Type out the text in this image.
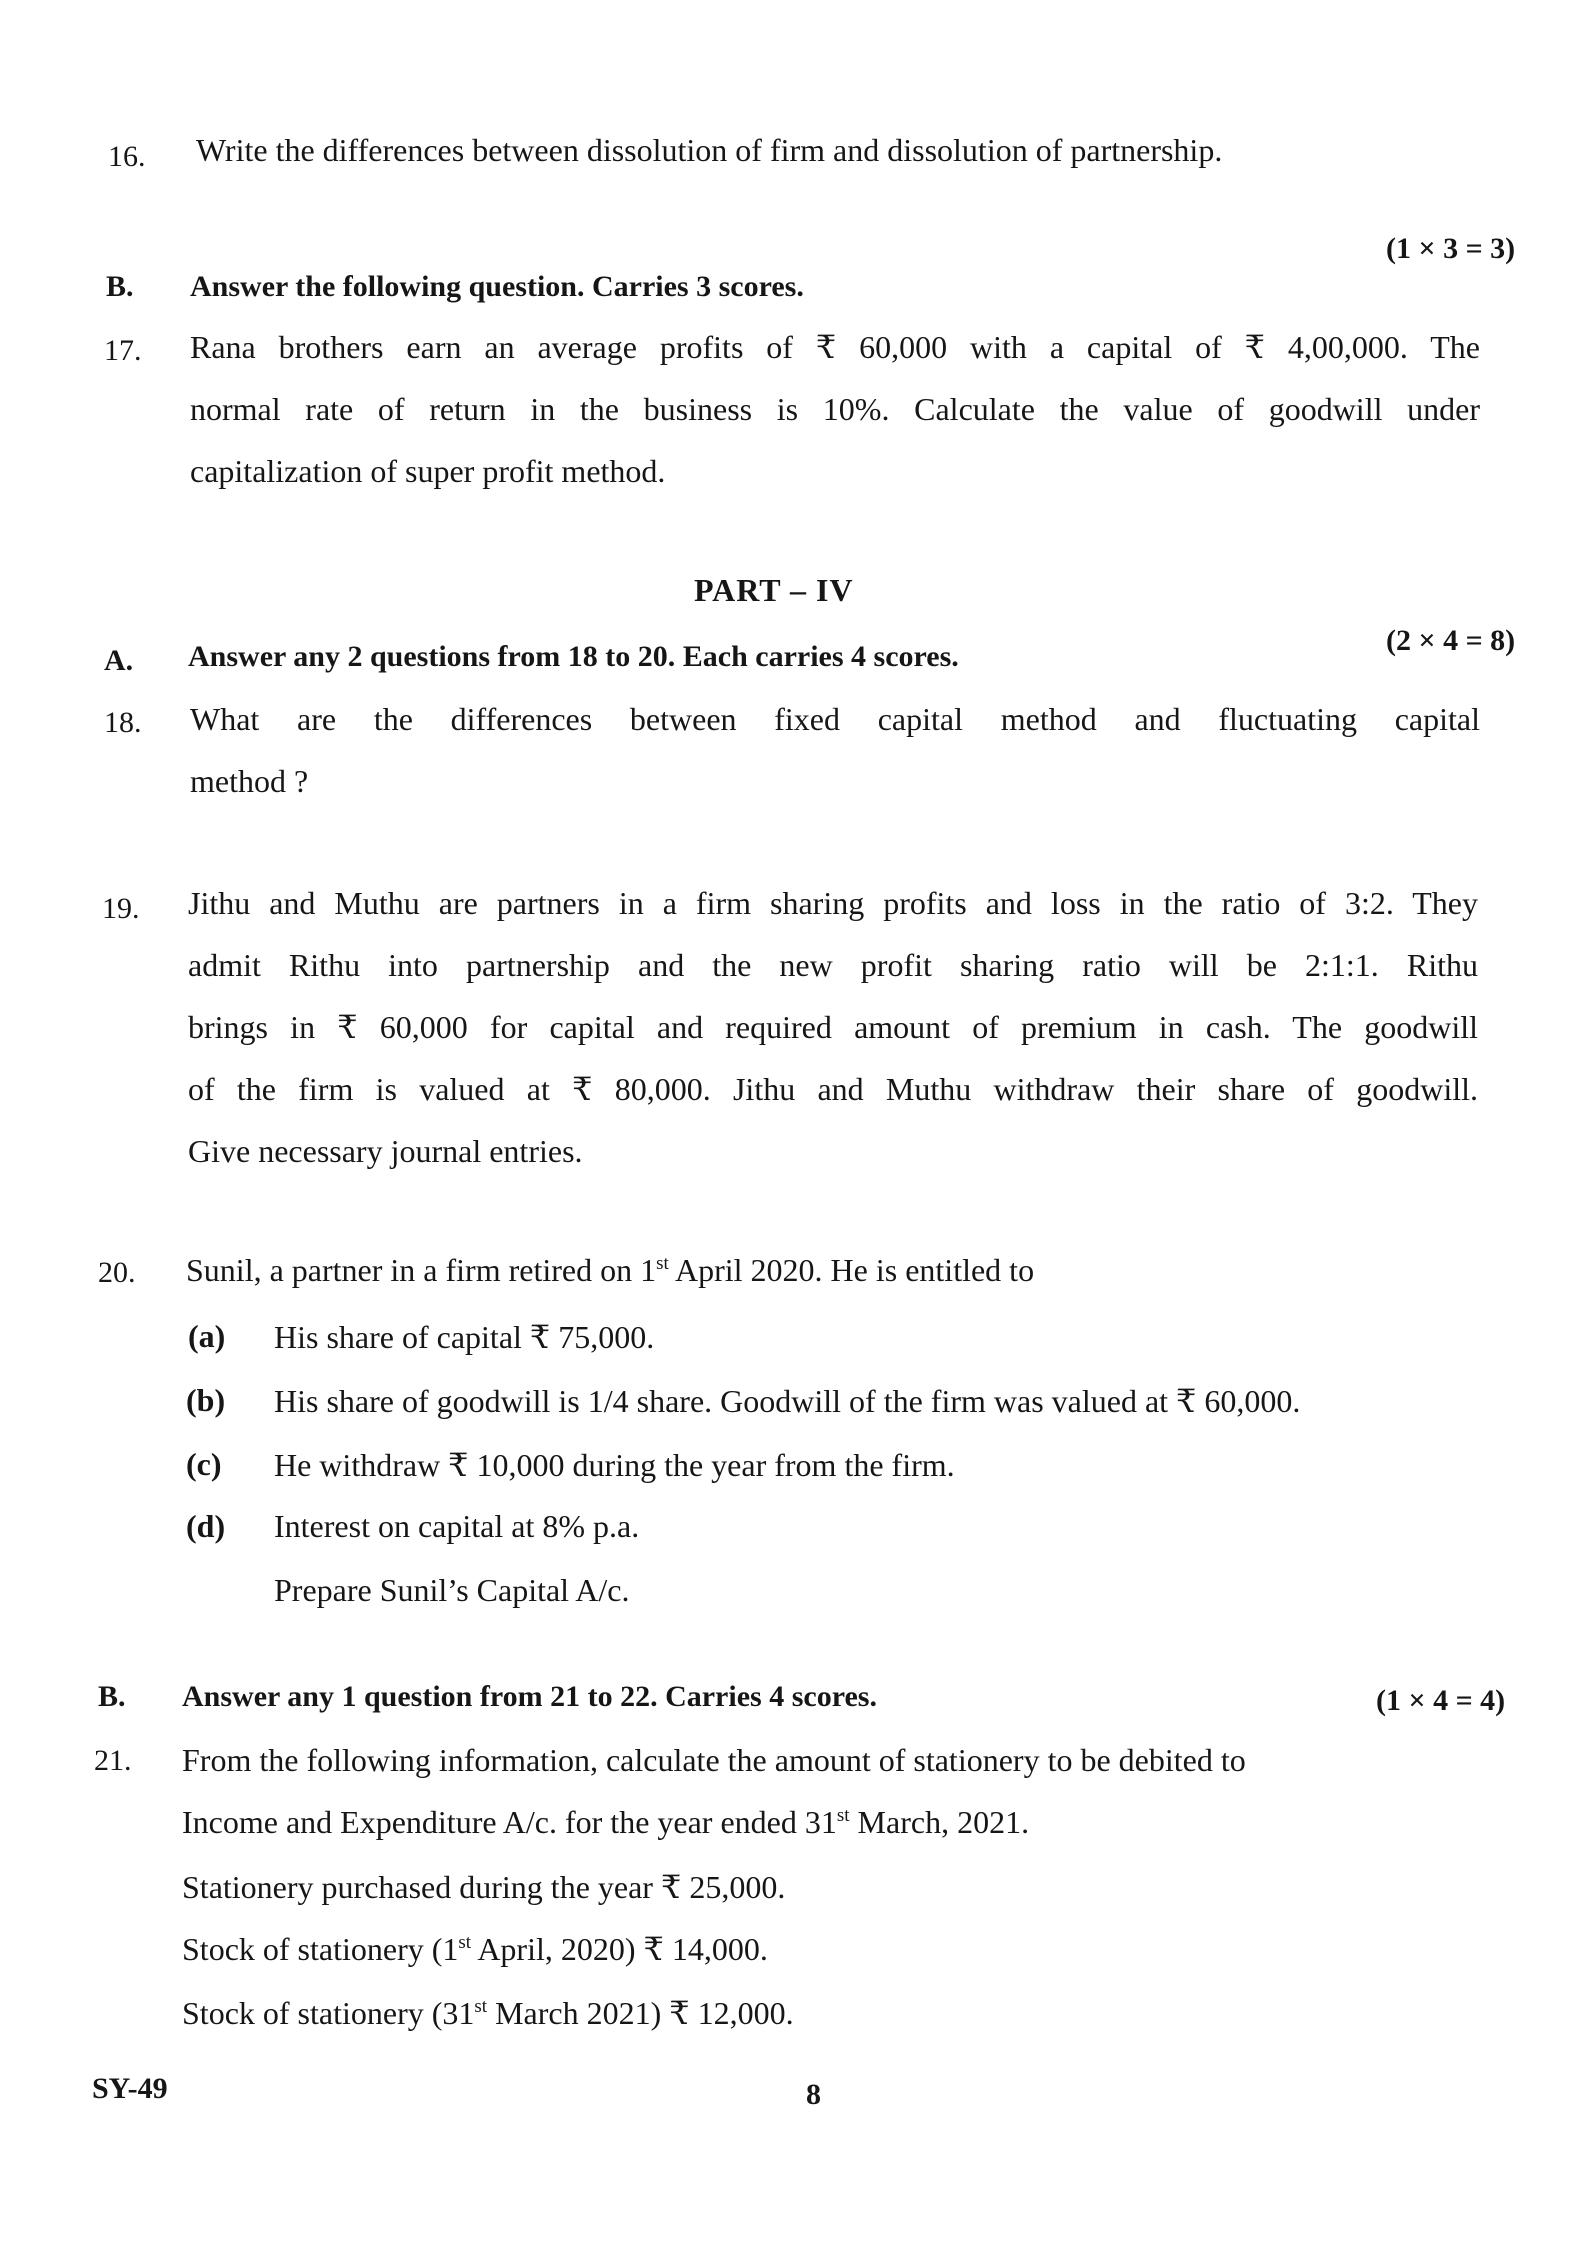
16. Write the differences between dissolution of firm and dissolution of partnership.
(1 × 3 = 3)
B. Answer the following question. Carries 3 scores.
17. Rana brothers earn an average profits of ₹ 60,000 with a capital of ₹ 4,00,000. The
normal rate of return in the business is 10%. Calculate the value of goodwill under
capitalization of super profit method.
PART – IV
A. Answer any 2 questions from 18 to 20. Each carries 4 scores.	(2 × 4 = 8)
18. What are the differences between fixed capital method and fluctuating capital
method ?
19. Jithu and Muthu are partners in a firm sharing profits and loss in the ratio of 3:2. They
admit Rithu into partnership and the new profit sharing ratio will be 2:1:1. Rithu
brings in ₹ 60,000 for capital and required amount of premium in cash. The goodwill
of the firm is valued at ₹ 80,000. Jithu and Muthu withdraw their share of goodwill.
Give necessary journal entries.
20. Sunil, a partner in a firm retired on 1st April 2020. He is entitled to
(a) His share of capital ₹ 75,000.
(b) His share of goodwill is 1/4 share. Goodwill of the firm was valued at ₹ 60,000.
(c) He withdraw ₹ 10,000 during the year from the firm.
(d) Interest on capital at 8% p.a.
Prepare Sunil’s Capital A/c.
B. Answer any 1 question from 21 to 22. Carries 4 scores.	(1 × 4 = 4)
21. From the following information, calculate the amount of stationery to be debited to
Income and Expenditure A/c. for the year ended 31st March, 2021.
Stationery purchased during the year ₹ 25,000.
Stock of stationery (1st April, 2020) ₹ 14,000.
Stock of stationery (31st March 2021) ₹ 12,000.
SY-49	8
